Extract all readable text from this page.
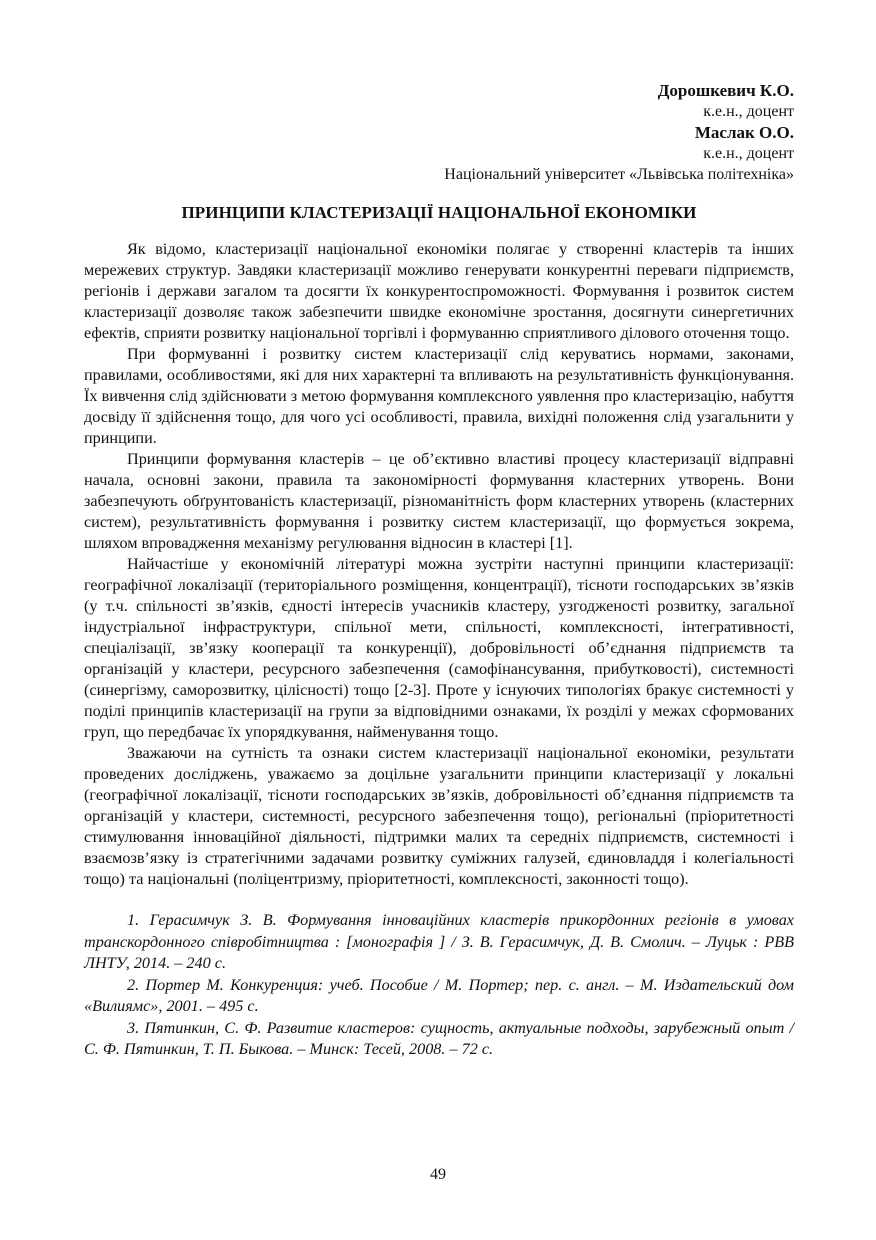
Дорошкевич К.О.
к.е.н., доцент
Маслак О.О.
к.е.н., доцент
Національний університет «Львівська політехніка»
ПРИНЦИПИ КЛАСТЕРИЗАЦІЇ НАЦІОНАЛЬНОЇ ЕКОНОМІКИ

Як відомо, кластеризації національної економіки полягає у створенні кластерів та інших мережевих структур. Завдяки кластеризації можливо генерувати конкурентні переваги підприємств, регіонів і держави загалом та досягти їх конкурентоспроможності. Формування і розвиток систем кластеризації дозволяє також забезпечити швидке економічне зростання, досягнути синергетичних ефектів, сприяти розвитку національної торгівлі і формуванню сприятливого ділового оточення тощо.

При формуванні і розвитку систем кластеризації слід керуватись нормами, законами, правилами, особливостями, які для них характерні та впливають на результативність функціонування. Їх вивчення слід здійснювати з метою формування комплексного уявлення про кластеризацію, набуття досвіду її здійснення тощо, для чого усі особливості, правила, вихідні положення слід узагальнити у принципи.

Принципи формування кластерів – це об’єктивно властиві процесу кластеризації відправні начала, основні закони, правила та закономірності формування кластерних утворень. Вони забезпечують обґрунтованість кластеризації, різноманітність форм кластерних утворень (кластерних систем), результативність формування і розвитку систем кластеризації, що формується зокрема, шляхом впровадження механізму регулювання відносин в кластері [1].

Найчастіше у економічній літературі можна зустріти наступні принципи кластеризації: географічної локалізації (територіального розміщення, концентрації), тісноти господарських зв’язків (у т.ч. спільності зв’язків, єдності інтересів учасників кластеру, узгодженості розвитку, загальної індустріальної інфраструктури, спільної мети, спільності, комплексності, інтегративності, спеціалізації, зв’язку кооперації та конкуренції), добровільності об’єднання підприємств та організацій у кластери, ресурсного забезпечення (самофінансування, прибутковості), системності (синергізму, саморозвитку, цілісності) тощо [2-3]. Проте у існуючих типологіях бракує системності у поділі принципів кластеризації на групи за відповідними ознаками, їх розділі у межах сформованих груп, що передбачає їх упорядкування, найменування тощо.

Зважаючи на сутність та ознаки систем кластеризації національної економіки, результати проведених досліджень, уважаємо за доцільне узагальнити принципи кластеризації у локальні (географічної локалізації, тісноти господарських зв’язків, добровільності об’єднання підприємств та організацій у кластери, системності, ресурсного забезпечення тощо), регіональні (пріоритетності стимулювання інноваційної діяльності, підтримки малих та середніх підприємств, системності і взаємозв’язку із стратегічними задачами розвитку суміжних галузей, єдиновладдя і колегіальності тощо) та національні (поліцентризму, пріоритетності, комплексності, законності тощо).

1. Герасимчук З. В. Формування інноваційних кластерів прикордонних регіонів в умовах транскордонного співробітництва : [монографія ] / З. В. Герасимчук, Д. В. Смолич. – Луцьк : РВВ ЛНТУ, 2014. – 240 с.

2. Портер М. Конкуренция: учеб. Пособие / М. Портер; пер. с. англ. – М. Издательский дом «Вилиямс», 2001. – 495 с.

3. Пятинкин, С. Ф. Развитие кластеров: сущность, актуальные подходы, зарубежный опыт / С. Ф. Пятинкин, Т. П. Быкова. – Минск: Тесей, 2008. – 72 с.

49
